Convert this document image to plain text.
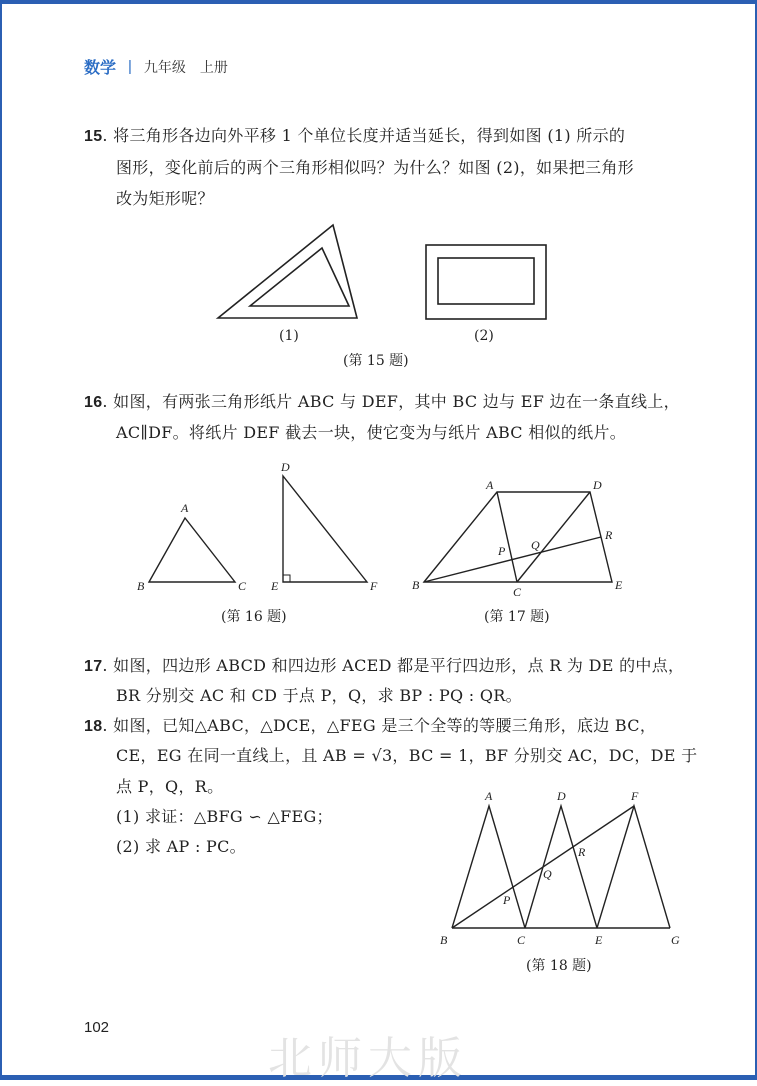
数学 | 九年级　上册
15. 将三角形各边向外平移 1 个单位长度并适当延长，得到如图 (1) 所示的
图形，变化前后的两个三角形相似吗？为什么？如图 (2)，如果把三角形
改为矩形呢？
(1)	(2)
(第 15 题)
16. 如图，有两张三角形纸片 ABC 与 DEF，其中 BC 边与 EF 边在一条直线上，
AC∥DF。将纸片 DEF 截去一块，使它变为与纸片 ABC 相似的纸片。
A
B	C
D
E	F
(第 16 题)
A	D
B	C	E
P Q
R
(第 17 题)
17. 如图，四边形 ABCD 和四边形 ACED 都是平行四边形，点 R 为 DE 的中点，
BR 分别交 AC 和 CD 于点 P，Q，求 BP : PQ : QR。
18. 如图，已知△ABC，△DCE，△FEG 是三个全等的等腰三角形，底边 BC，
CE，EG 在同一直线上，且 AB = √3，BC = 1，BF 分别交 AC，DC，DE 于
点 P，Q，R。
(1) 求证：△BFG ∽ △FEG；
(2) 求 AP : PC。
A	D	F
B	C	E	G
P
Q
R
(第 18 题)
102
北师大版
